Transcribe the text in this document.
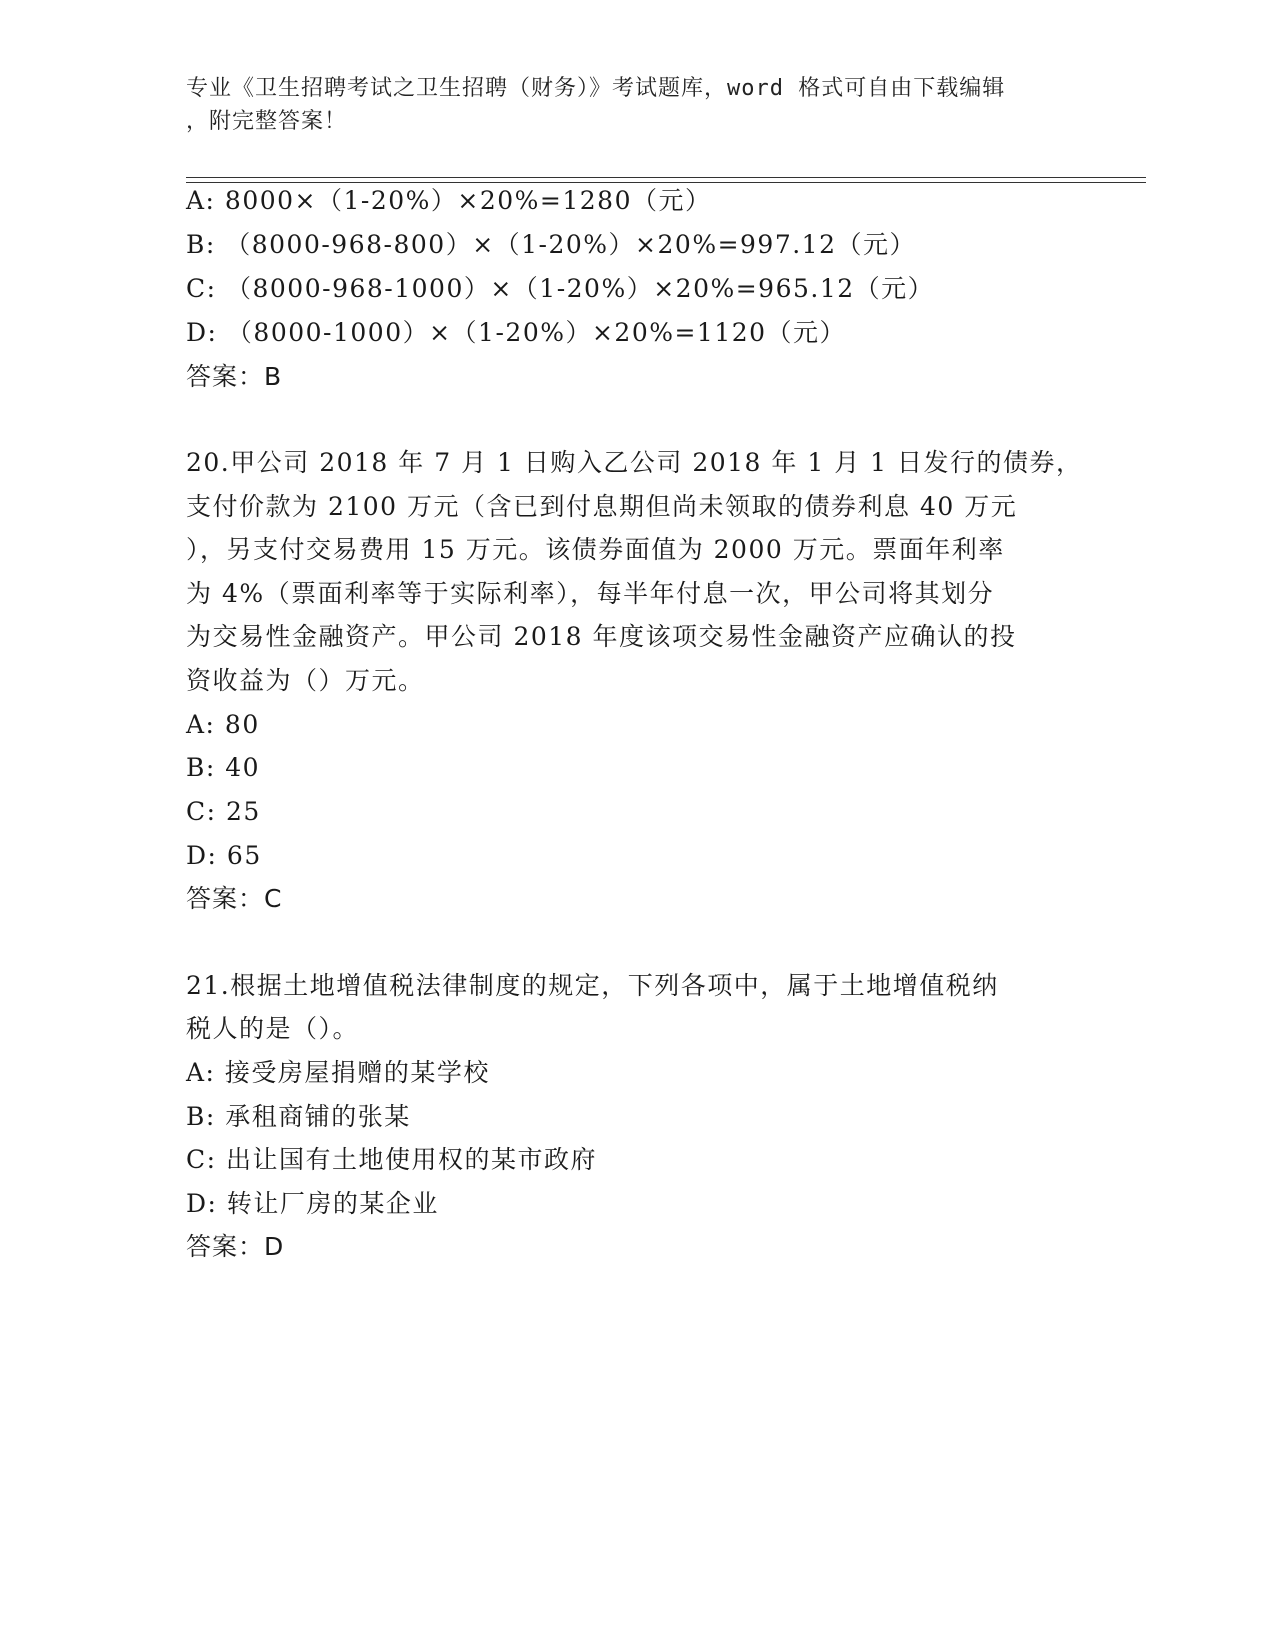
专业《卫生招聘考试之卫生招聘（财务）》考试题库，word 格式可自由下载编辑
，附完整答案！
A: 8000×（1-20%）×20%=1280（元）
B: （8000-968-800）×（1-20%）×20%=997.12（元）
C: （8000-968-1000）×（1-20%）×20%=965.12（元）
D: （8000-1000）×（1-20%）×20%=1120（元）
答案：B
20.甲公司 2018 年 7 月 1 日购入乙公司 2018 年 1 月 1 日发行的债券，
支付价款为 2100 万元（含已到付息期但尚未领取的债券利息 40 万元
），另支付交易费用 15 万元。该债券面值为 2000 万元。票面年利率
为 4%（票面利率等于实际利率），每半年付息一次，甲公司将其划分
为交易性金融资产。甲公司 2018 年度该项交易性金融资产应确认的投
资收益为（）万元。
A: 80
B: 40
C: 25
D: 65
答案：C
21.根据土地增值税法律制度的规定，下列各项中，属于土地增值税纳
税人的是（）。
A: 接受房屋捐赠的某学校
B: 承租商铺的张某
C: 出让国有土地使用权的某市政府
D: 转让厂房的某企业
答案：D
